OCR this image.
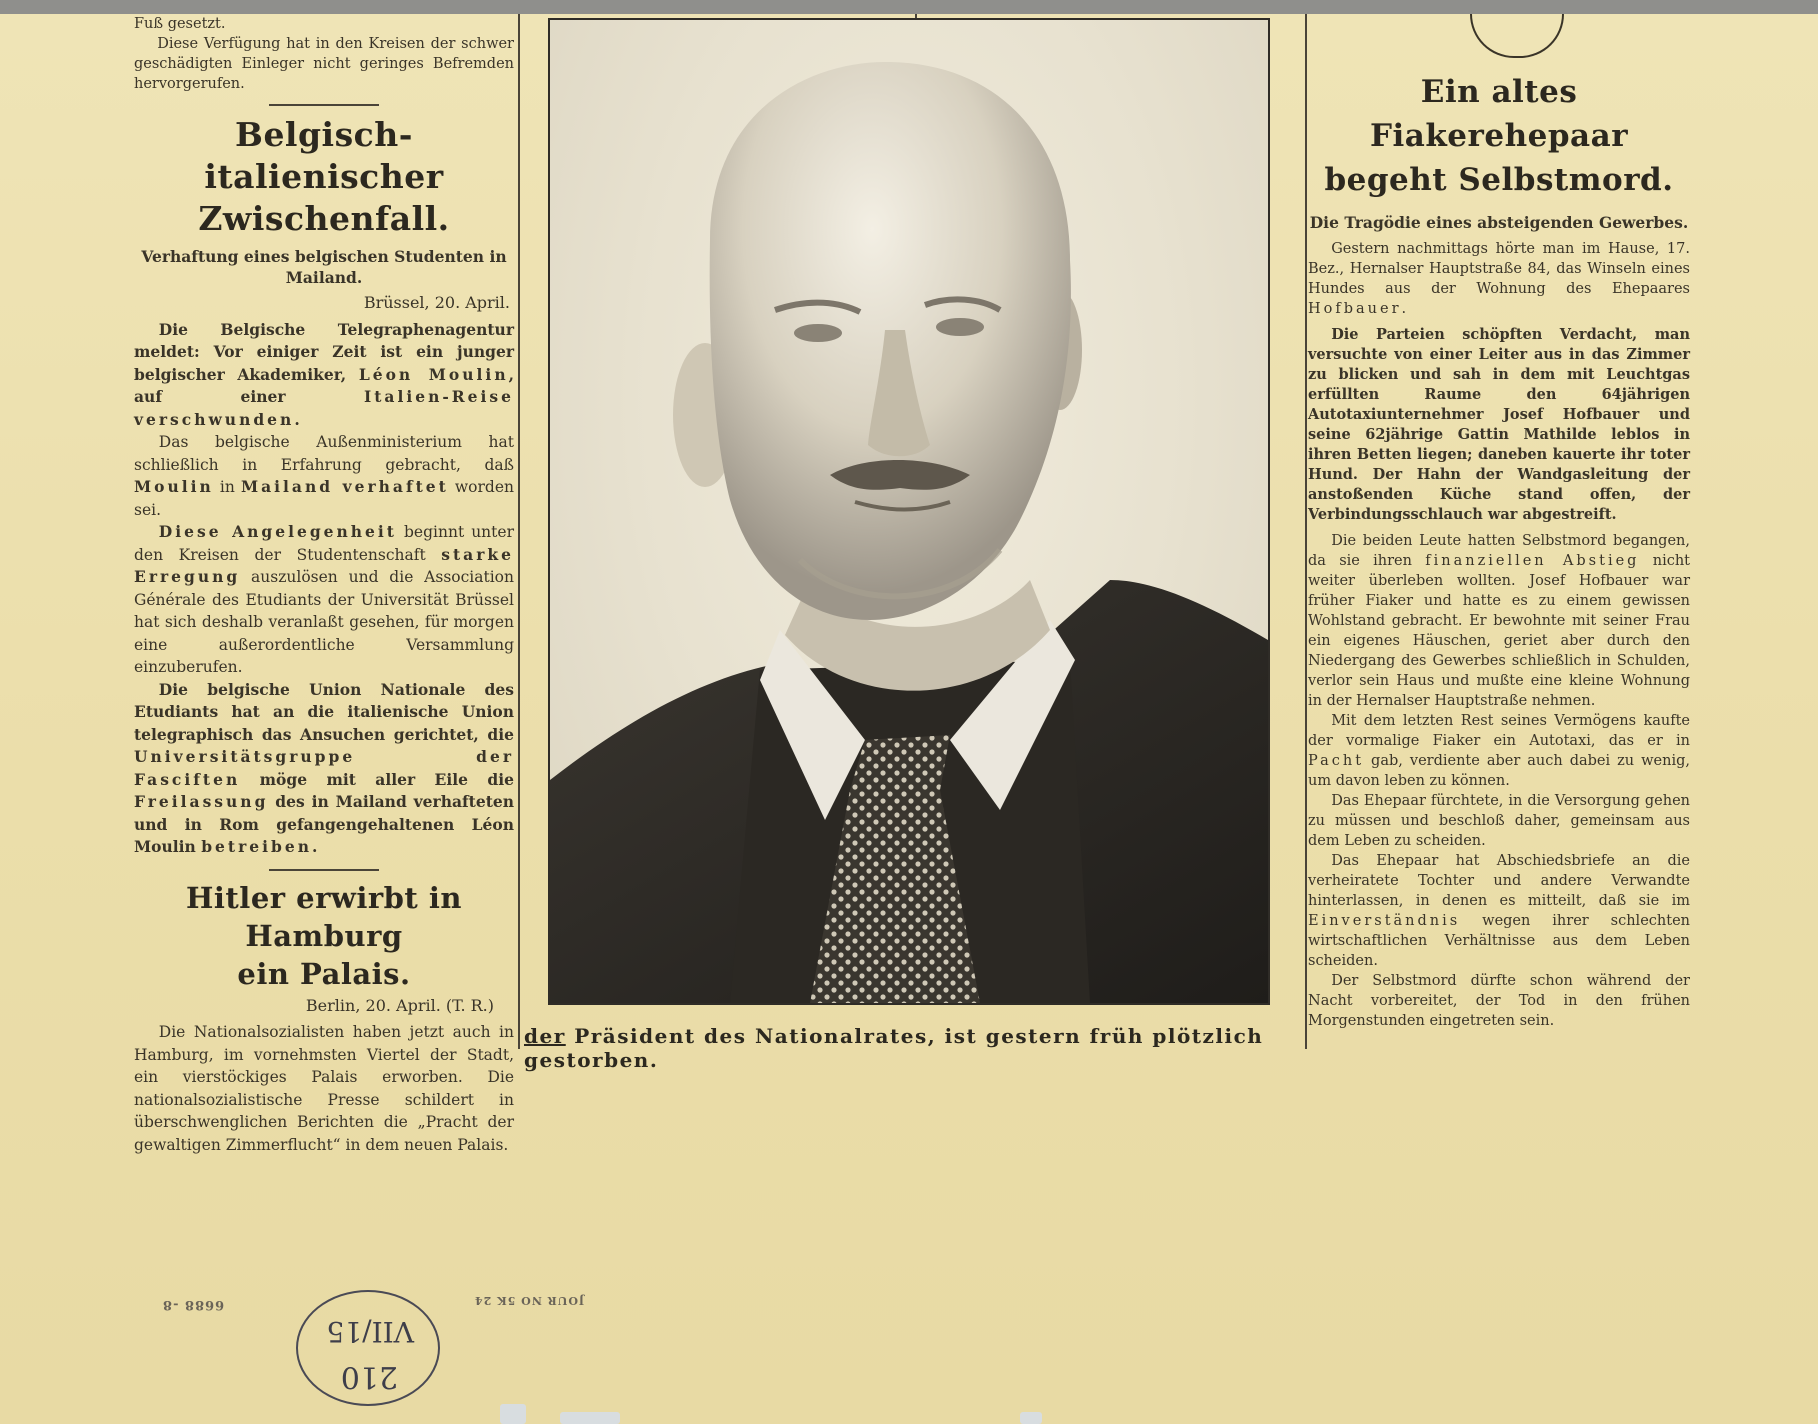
Fuß gesetzt.

Diese Verfügung hat in den Kreisen der schwer geschädigten Einleger nicht geringes Befremden hervorgerufen.

Belgisch-italienischer
Zwischenfall.
Verhaftung eines belgischen Studenten in Mailand.
Brüssel, 20. April.

Die Belgische Telegraphenagentur meldet: Vor einiger Zeit ist ein junger belgischer Akademiker, Léon Moulin, auf einer Italien-Reise verschwunden.

Das belgische Außenministerium hat schließlich in Erfahrung gebracht, daß Moulin in Mailand verhaftet worden sei.

Diese Angelegenheit beginnt unter den Kreisen der Studentenschaft starke Erregung auszulösen und die Association Générale des Etudiants der Universität Brüssel hat sich deshalb veranlaßt gesehen, für morgen eine außerordentliche Versammlung einzuberufen.

Die belgische Union Nationale des Etudiants hat an die italienische Union telegraphisch das Ansuchen gerichtet, die Universitätsgruppe der Fasciften möge mit aller Eile die Freilassung des in Mailand verhafteten und in Rom gefangengehaltenen Léon Moulin betreiben.

Hitler erwirbt in Hamburg
ein Palais.
Berlin, 20. April. (T. R.)

Die Nationalsozialisten haben jetzt auch in Hamburg, im vornehmsten Viertel der Stadt, ein vierstöckiges Palais erworben. Die nationalsozialistische Presse schildert in überschwenglichen Berichten die „Pracht der gewaltigen Zimmerflucht“ in dem neuen Palais.

der Präsident des Nationalrates, ist gestern früh plötzlich gestorben.
Ein altes Fiakerehepaar
begeht Selbstmord.
Die Tragödie eines absteigenden Gewerbes.

Gestern nachmittags hörte man im Hause, 17. Bez., Hernalser Hauptstraße 84, das Winseln eines Hundes aus der Wohnung des Ehepaares Hofbauer.

Die Parteien schöpften Verdacht, man versuchte von einer Leiter aus in das Zimmer zu blicken und sah in dem mit Leuchtgas erfüllten Raume den 64jährigen Autotaxiunternehmer Josef Hofbauer und seine 62jährige Gattin Mathilde leblos in ihren Betten liegen; daneben kauerte ihr toter Hund. Der Hahn der Wandgasleitung der anstoßenden Küche stand offen, der Verbindungsschlauch war abgestreift.

Die beiden Leute hatten Selbstmord begangen, da sie ihren finanziellen Abstieg nicht weiter überleben wollten. Josef Hofbauer war früher Fiaker und hatte es zu einem gewissen Wohlstand gebracht. Er bewohnte mit seiner Frau ein eigenes Häuschen, geriet aber durch den Niedergang des Gewerbes schließlich in Schulden, verlor sein Haus und mußte eine kleine Wohnung in der Hernalser Hauptstraße nehmen.

Mit dem letzten Rest seines Vermögens kaufte der vormalige Fiaker ein Autotaxi, das er in Pacht gab, verdiente aber auch dabei zu wenig, um davon leben zu können.

Das Ehepaar fürchtete, in die Versorgung gehen zu müssen und beschloß daher, gemeinsam aus dem Leben zu scheiden.

Das Ehepaar hat Abschiedsbriefe an die verheiratete Tochter und andere Verwandte hinterlassen, in denen es mitteilt, daß sie im Einverständnis wegen ihrer schlechten wirtschaftlichen Verhältnisse aus dem Leben scheiden.

Der Selbstmord dürfte schon während der Nacht vorbereitet, der Tod in den frühen Morgenstunden eingetreten sein.

6688 -8	JOUR NO 5K 24
210
VII/15
